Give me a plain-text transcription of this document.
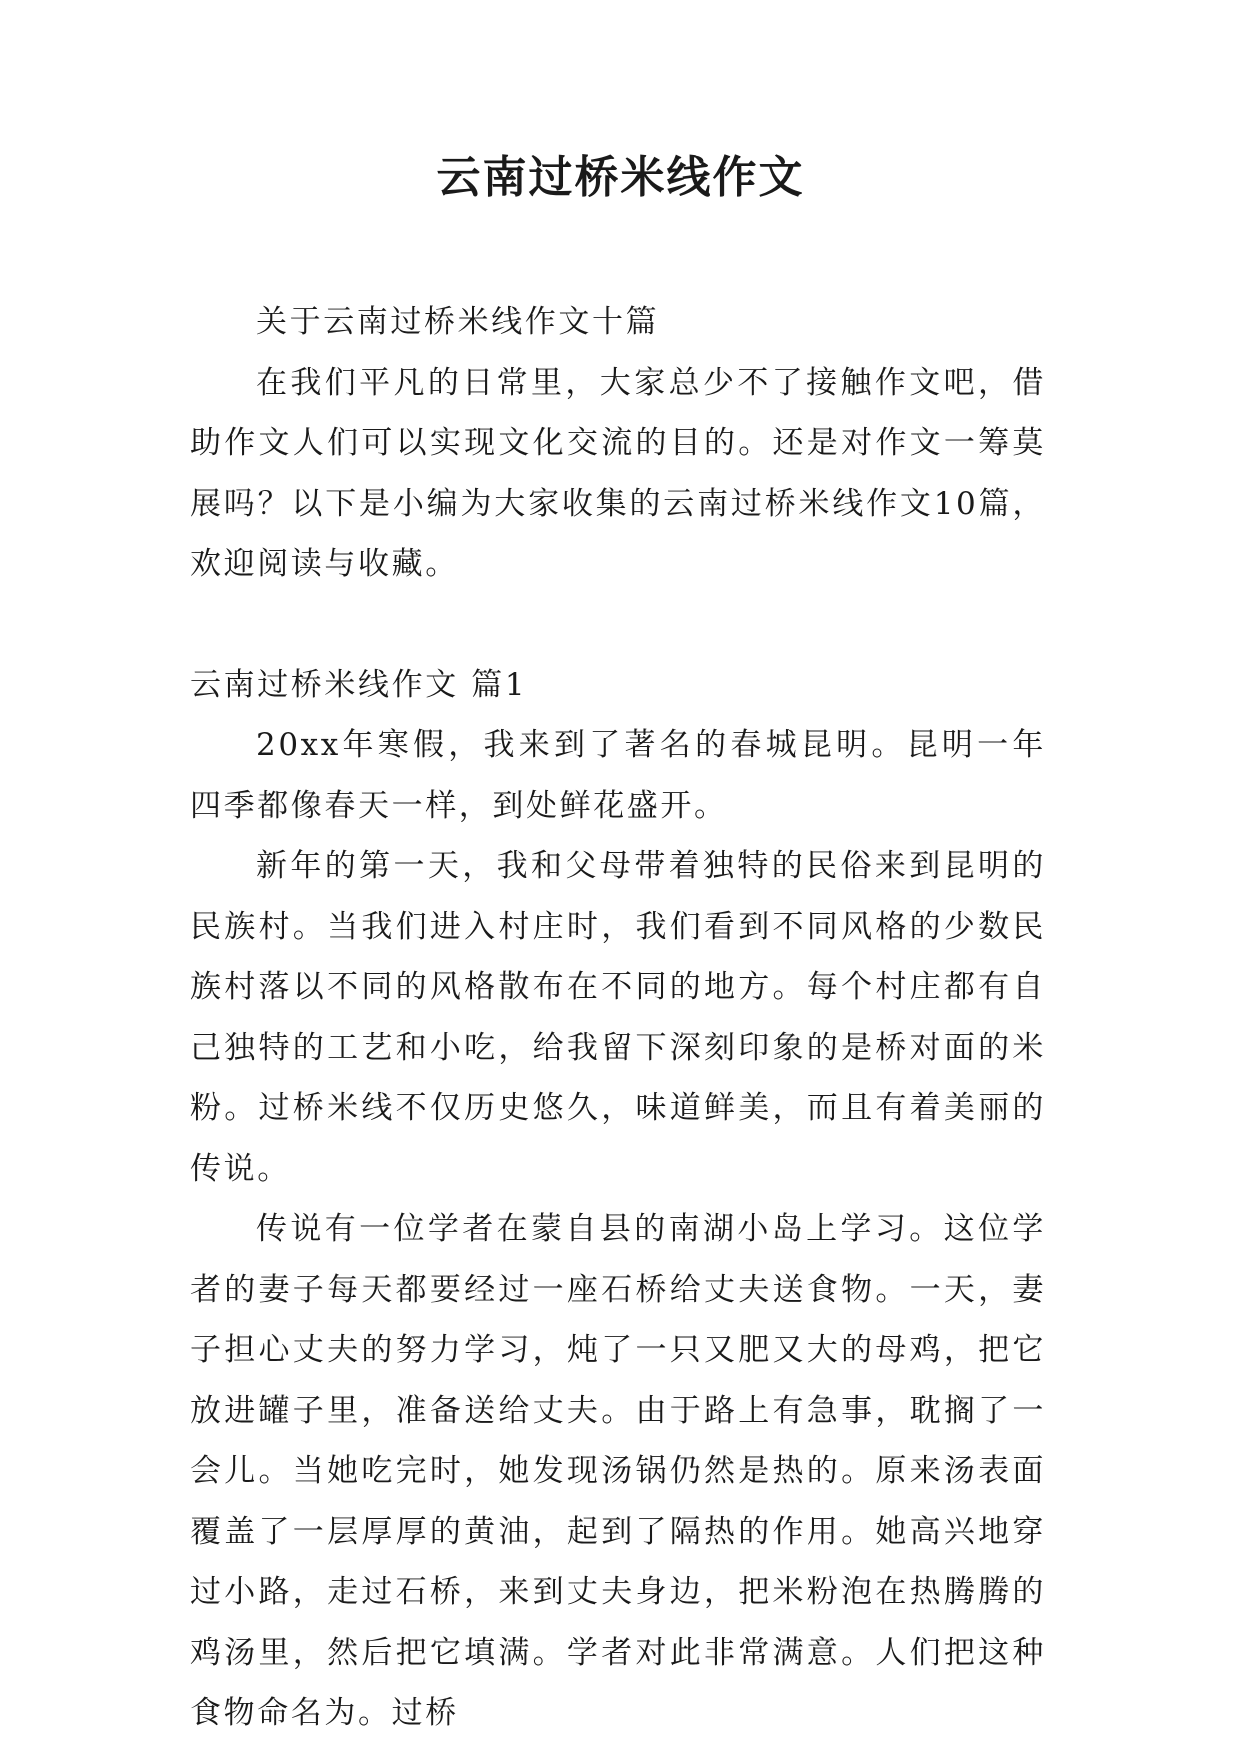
云南过桥米线作文

关于云南过桥米线作文十篇

在我们平凡的日常里，大家总少不了接触作文吧，借助作文人们可以实现文化交流的目的。还是对作文一筹莫展吗？以下是小编为大家收集的云南过桥米线作文10篇，欢迎阅读与收藏。

云南过桥米线作文 篇1

20xx年寒假，我来到了著名的春城昆明。昆明一年四季都像春天一样，到处鲜花盛开。

新年的第一天，我和父母带着独特的民俗来到昆明的民族村。当我们进入村庄时，我们看到不同风格的少数民族村落以不同的风格散布在不同的地方。每个村庄都有自己独特的工艺和小吃，给我留下深刻印象的是桥对面的米粉。过桥米线不仅历史悠久，味道鲜美，而且有着美丽的传说。

传说有一位学者在蒙自县的南湖小岛上学习。这位学者的妻子每天都要经过一座石桥给丈夫送食物。一天，妻子担心丈夫的努力学习，炖了一只又肥又大的母鸡，把它放进罐子里，准备送给丈夫。由于路上有急事，耽搁了一会儿。当她吃完时，她发现汤锅仍然是热的。原来汤表面覆盖了一层厚厚的黄油，起到了隔热的作用。她高兴地穿过小路，走过石桥，来到丈夫身边，把米粉泡在热腾腾的鸡汤里，然后把它填满。学者对此非常满意。人们把这种食物命名为。过桥
